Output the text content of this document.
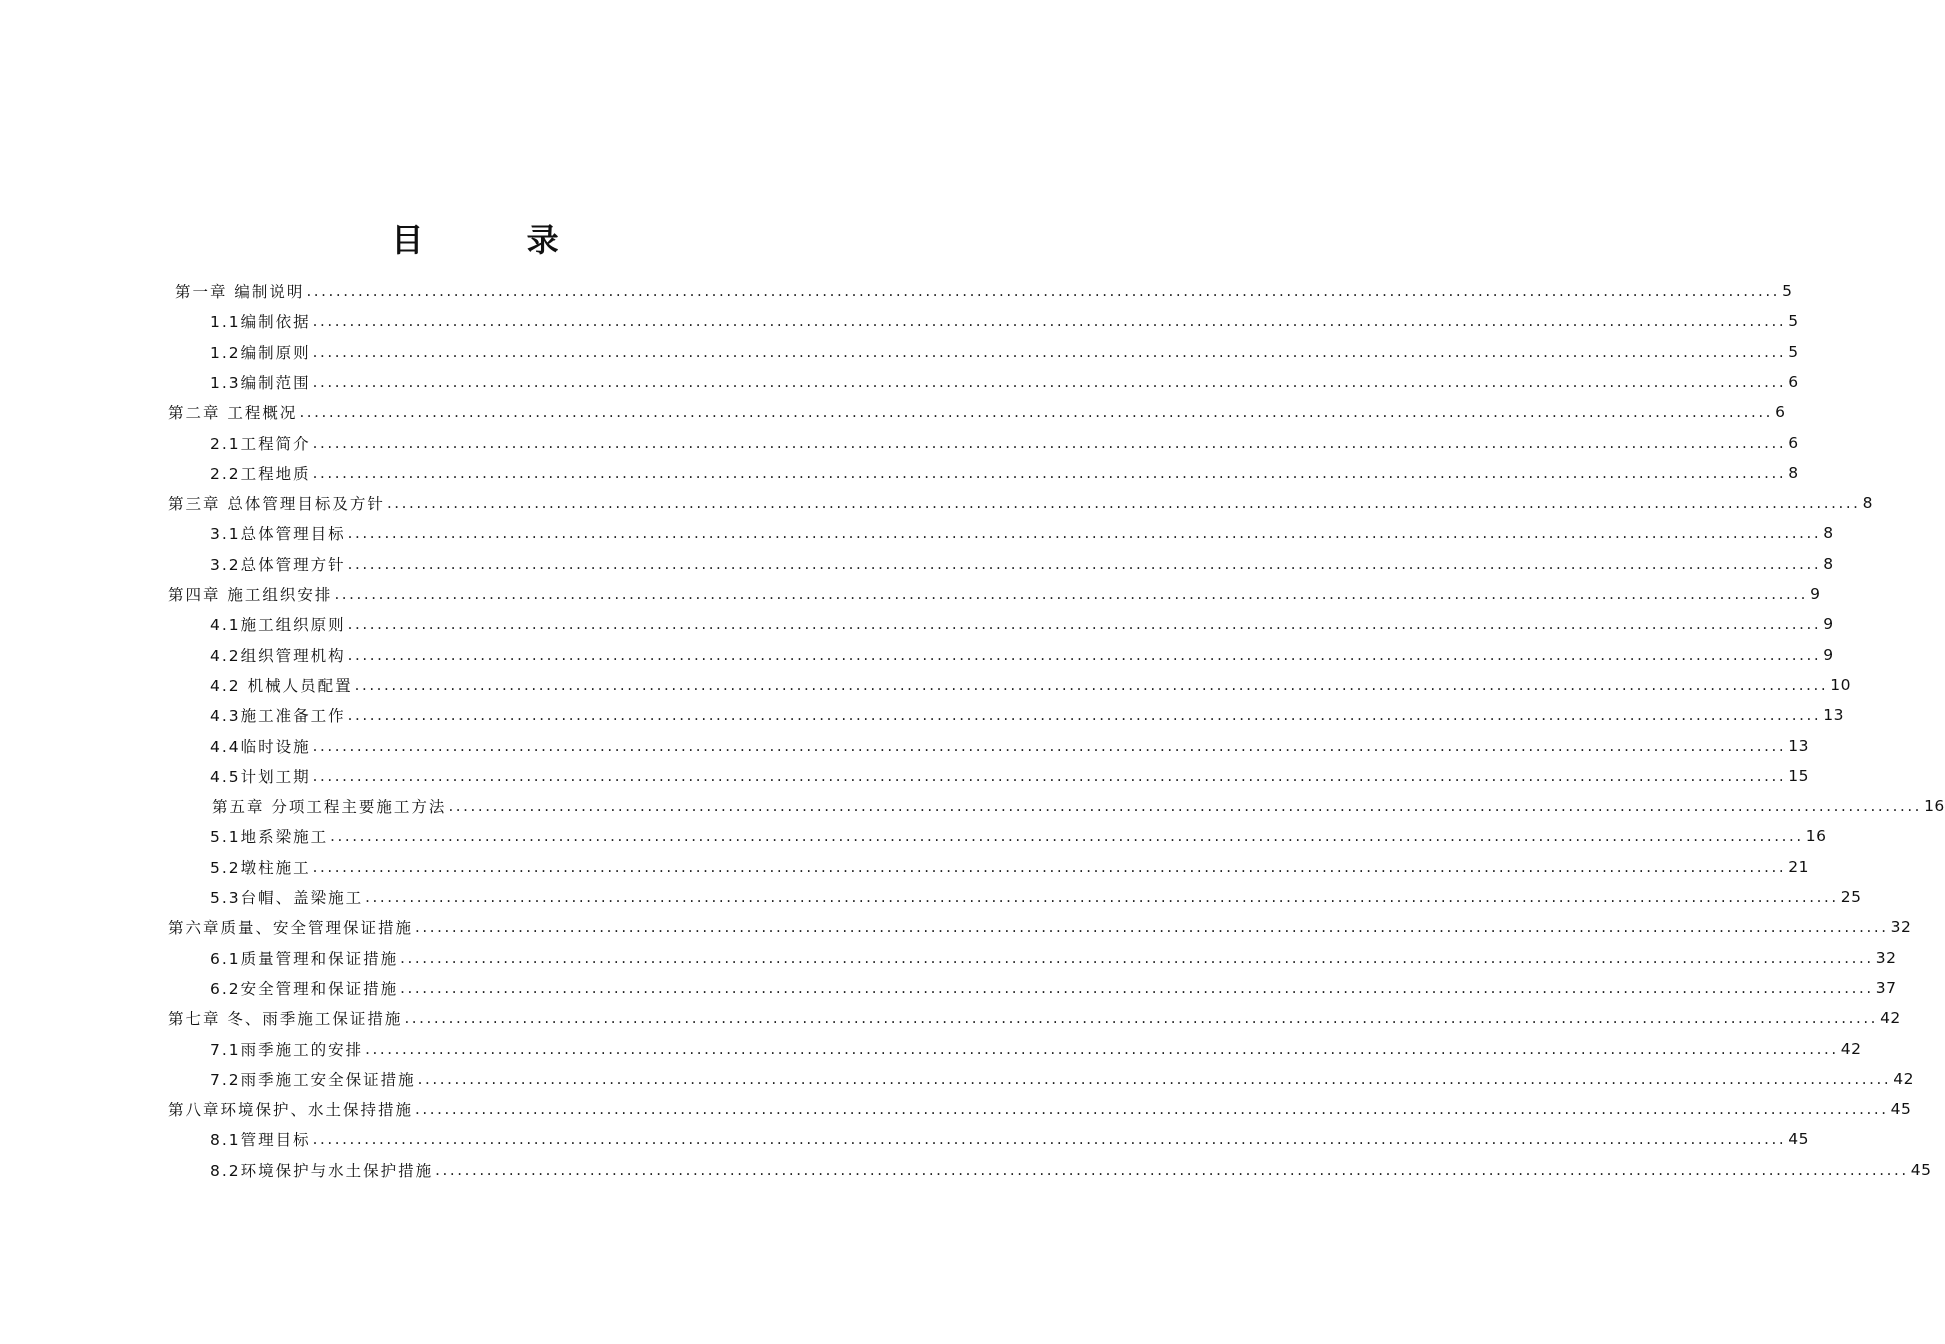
目 录
第一章 编制说明 ........................................................................................................................................................................................................ 5
1.1编制依据 ........................................................................................................................................................................................................ 5
1.2编制原则 ........................................................................................................................................................................................................ 5
1.3编制范围 ........................................................................................................................................................................................................ 6
第二章 工程概况 ........................................................................................................................................................................................................ 6
2.1工程简介 ........................................................................................................................................................................................................ 6
2.2工程地质 ........................................................................................................................................................................................................ 8
第三章 总体管理目标及方针 ........................................................................................................................................................................................................ 8
3.1总体管理目标 ........................................................................................................................................................................................................ 8
3.2总体管理方针 ........................................................................................................................................................................................................ 8
第四章 施工组织安排 ........................................................................................................................................................................................................ 9
4.1施工组织原则 ........................................................................................................................................................................................................ 9
4.2组织管理机构 ........................................................................................................................................................................................................ 9
4.2 机械人员配置 ........................................................................................................................................................................................................ 10
4.3施工准备工作 ........................................................................................................................................................................................................ 13
4.4临时设施 ........................................................................................................................................................................................................ 13
4.5计划工期 ........................................................................................................................................................................................................ 15
第五章 分项工程主要施工方法 ........................................................................................................................................................................................................ 16
5.1地系梁施工 ........................................................................................................................................................................................................ 16
5.2墩柱施工 ........................................................................................................................................................................................................ 21
5.3台帽、盖梁施工 ........................................................................................................................................................................................................ 25
第六章质量、安全管理保证措施 ........................................................................................................................................................................................................ 32
6.1质量管理和保证措施 ........................................................................................................................................................................................................ 32
6.2安全管理和保证措施 ........................................................................................................................................................................................................ 37
第七章 冬、雨季施工保证措施 ........................................................................................................................................................................................................ 42
7.1雨季施工的安排 ........................................................................................................................................................................................................ 42
7.2雨季施工安全保证措施 ........................................................................................................................................................................................................ 42
第八章环境保护、水土保持措施 ........................................................................................................................................................................................................ 45
8.1管理目标 ........................................................................................................................................................................................................ 45
8.2环境保护与水土保护措施 ........................................................................................................................................................................................................ 45
